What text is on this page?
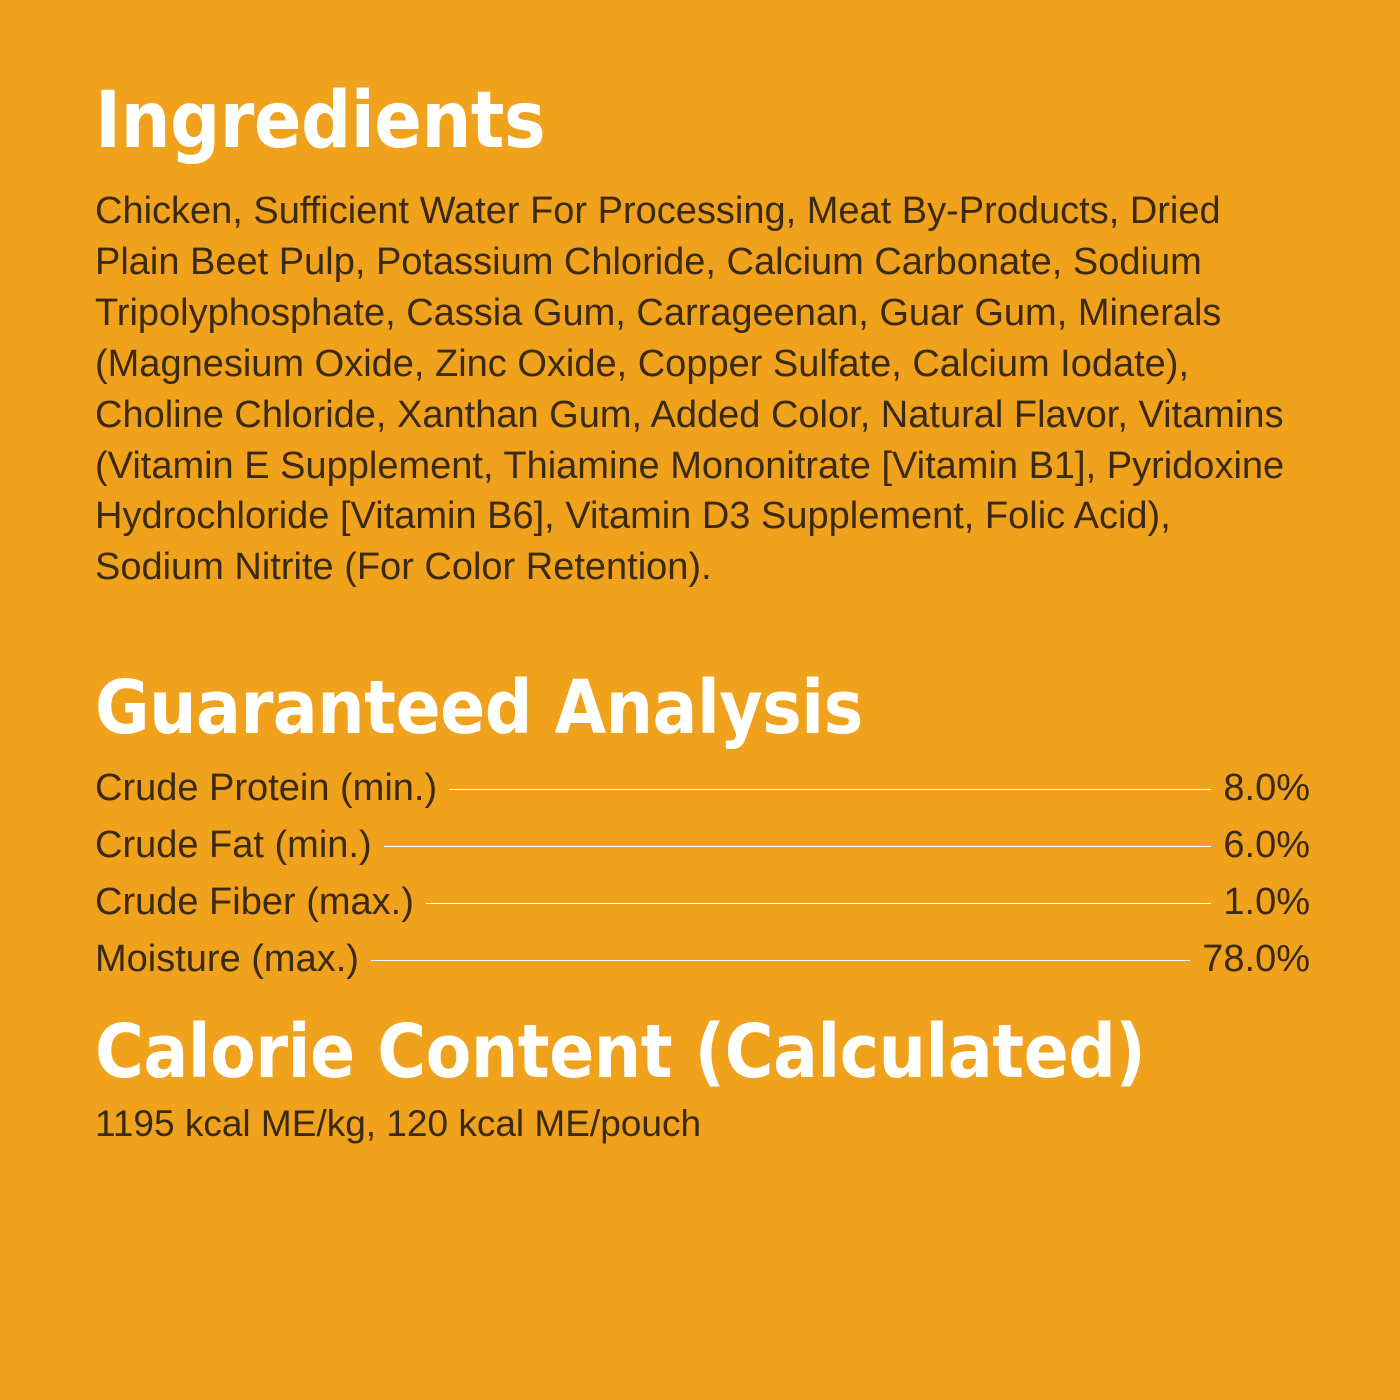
Ingredients

Chicken, Sufficient Water For Processing, Meat By-Products, Dried Plain Beet Pulp, Potassium Chloride, Calcium Carbonate, Sodium Tripolyphosphate, Cassia Gum, Carrageenan, Guar Gum, Minerals (Magnesium Oxide, Zinc Oxide, Copper Sulfate, Calcium Iodate), Choline Chloride, Xanthan Gum, Added Color, Natural Flavor, Vitamins (Vitamin E Supplement, Thiamine Mononitrate [Vitamin B1], Pyridoxine Hydrochloride [Vitamin B6], Vitamin D3 Supplement, Folic Acid), Sodium Nitrite (For Color Retention).

Guaranteed Analysis
Crude Protein (min.)	8.0%
Crude Fat (min.)	6.0%
Crude Fiber (max.)	1.0%
Moisture (max.)	78.0%
Calorie Content (Calculated)

1195 kcal ME/kg, 120 kcal ME/pouch
